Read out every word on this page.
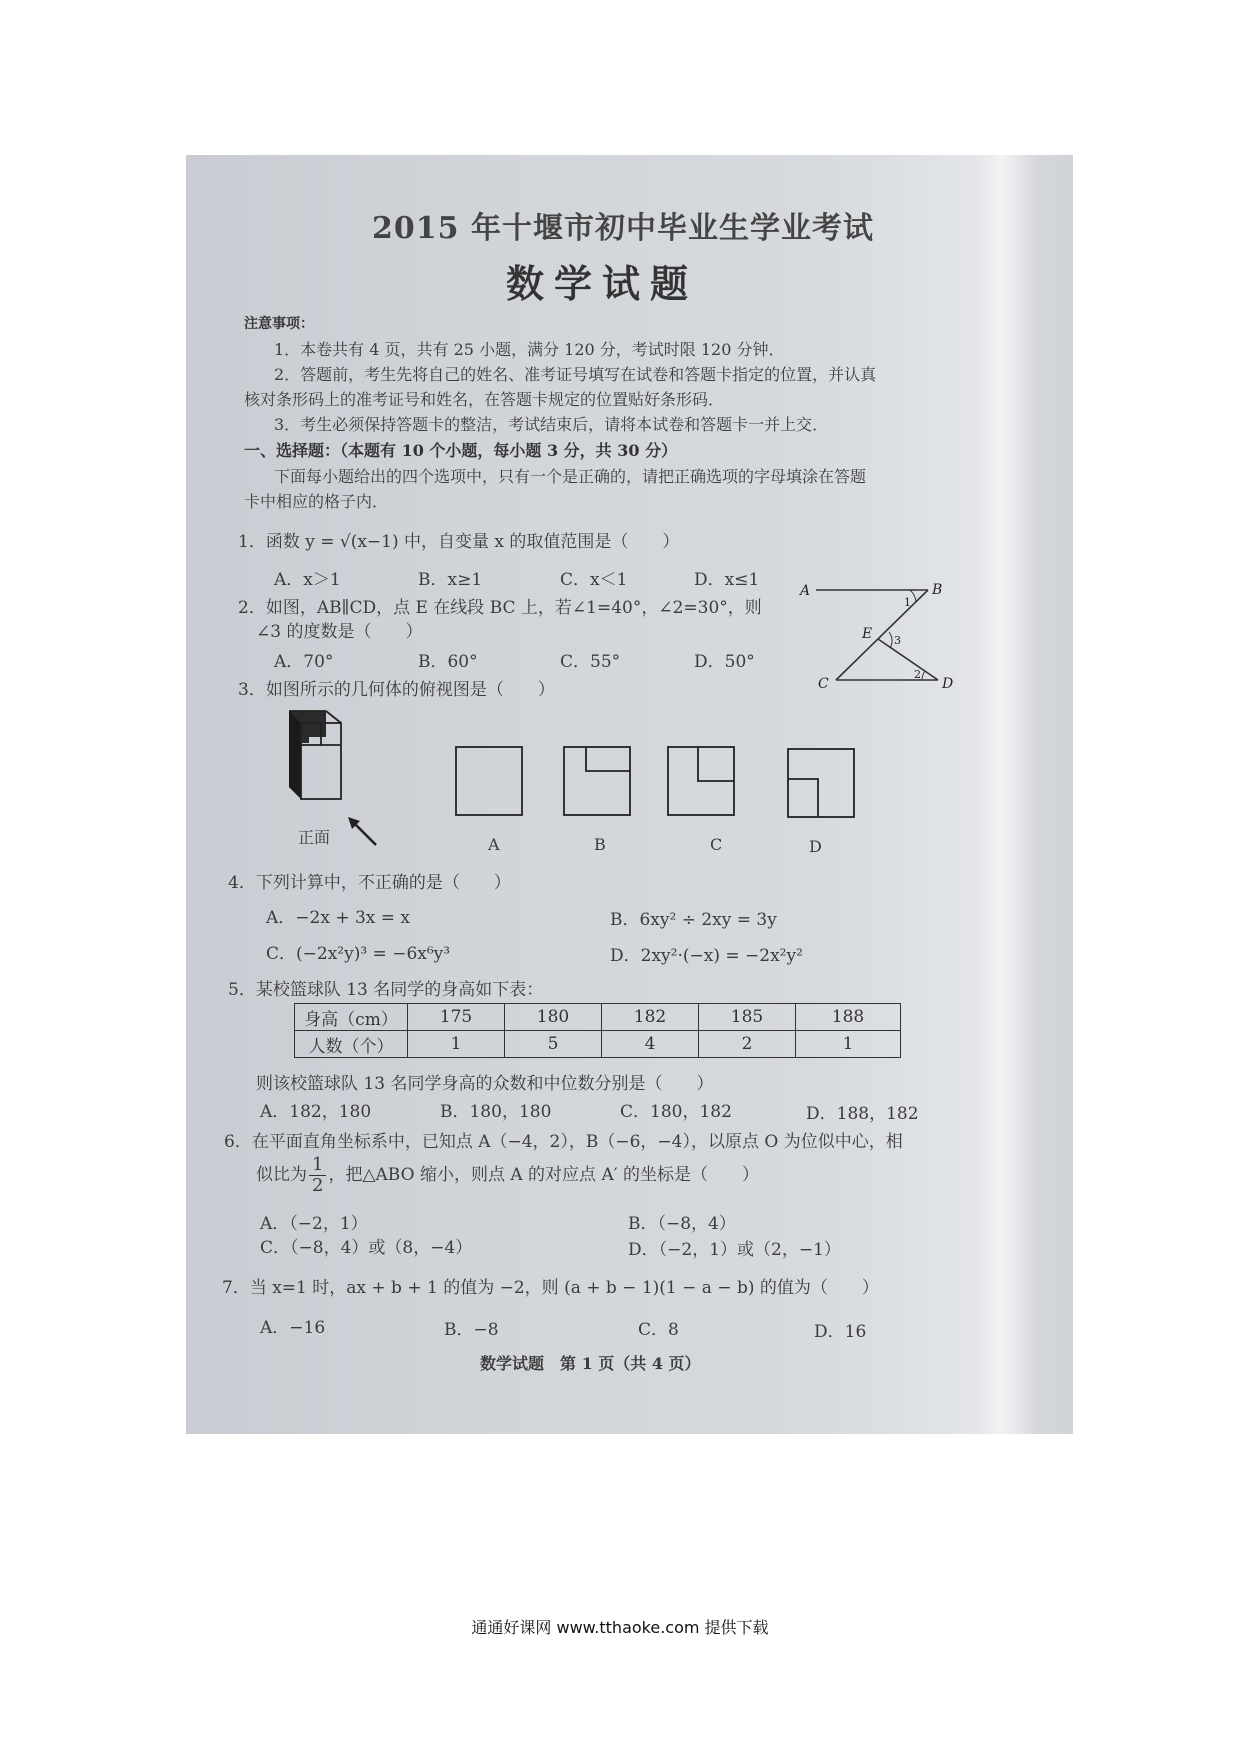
2015 年十堰市初中毕业生学业考试
数学试题
注意事项：
1．本卷共有 4 页，共有 25 小题，满分 120 分，考试时限 120 分钟．
2．答题前，考生先将自己的姓名、准考证号填写在试卷和答题卡指定的位置，并认真
核对条形码上的准考证号和姓名，在答题卡规定的位置贴好条形码．
3．考生必须保持答题卡的整洁，考试结束后，请将本试卷和答题卡一并上交．
一、选择题：（本题有 10 个小题，每小题 3 分，共 30 分）
下面每小题给出的四个选项中，只有一个是正确的，请把正确选项的字母填涂在答题
卡中相应的格子内．
1．函数 y = √(x−1) 中，自变量 x 的取值范围是（　　）
A．x＞1	B．x≥1	C．x＜1	D．x≤1
2．如图，AB∥CD，点 E 在线段 BC 上，若∠1=40°，∠2=30°，则
∠3 的度数是（　　）
A．70°	B．60°	C．55°	D．50°
A	B
C	D
E
1
3
2
3．如图所示的几何体的俯视图是（　　）
正面	A	B	C	D
4．下列计算中，不正确的是（　　）
A．−2x + 3x = x	B．6xy² ÷ 2xy = 3y
C．(−2x²y)³ = −6x⁶y³	D．2xy²·(−x) = −2x²y²
5．某校篮球队 13 名同学的身高如下表：
身高（cm）	175	180	182	185	188
人数（个）	1	5	4	2	1
则该校篮球队 13 名同学身高的众数和中位数分别是（　　）
A．182，180	B．180，180	C．180，182	D．188，182
6．在平面直角坐标系中，已知点 A（−4，2），B（−6，−4），以原点 O 为位似中心，相
似比为 $\frac{1}{2}$ ，把△ABO 缩小，则点 A 的对应点 A′ 的坐标是（　　）
A．（−2，1）	B．（−8，4）
C．（−8，4）或（8，−4）	D．（−2，1）或（2，−1）
7．当 x=1 时，ax + b + 1 的值为 −2，则 (a + b − 1)(1 − a − b) 的值为（　　）
A．−16	B．−8	C．8	D．16
数学试题　第 1 页（共 4 页）
通通好课网 www.tthaoke.com 提供下载
